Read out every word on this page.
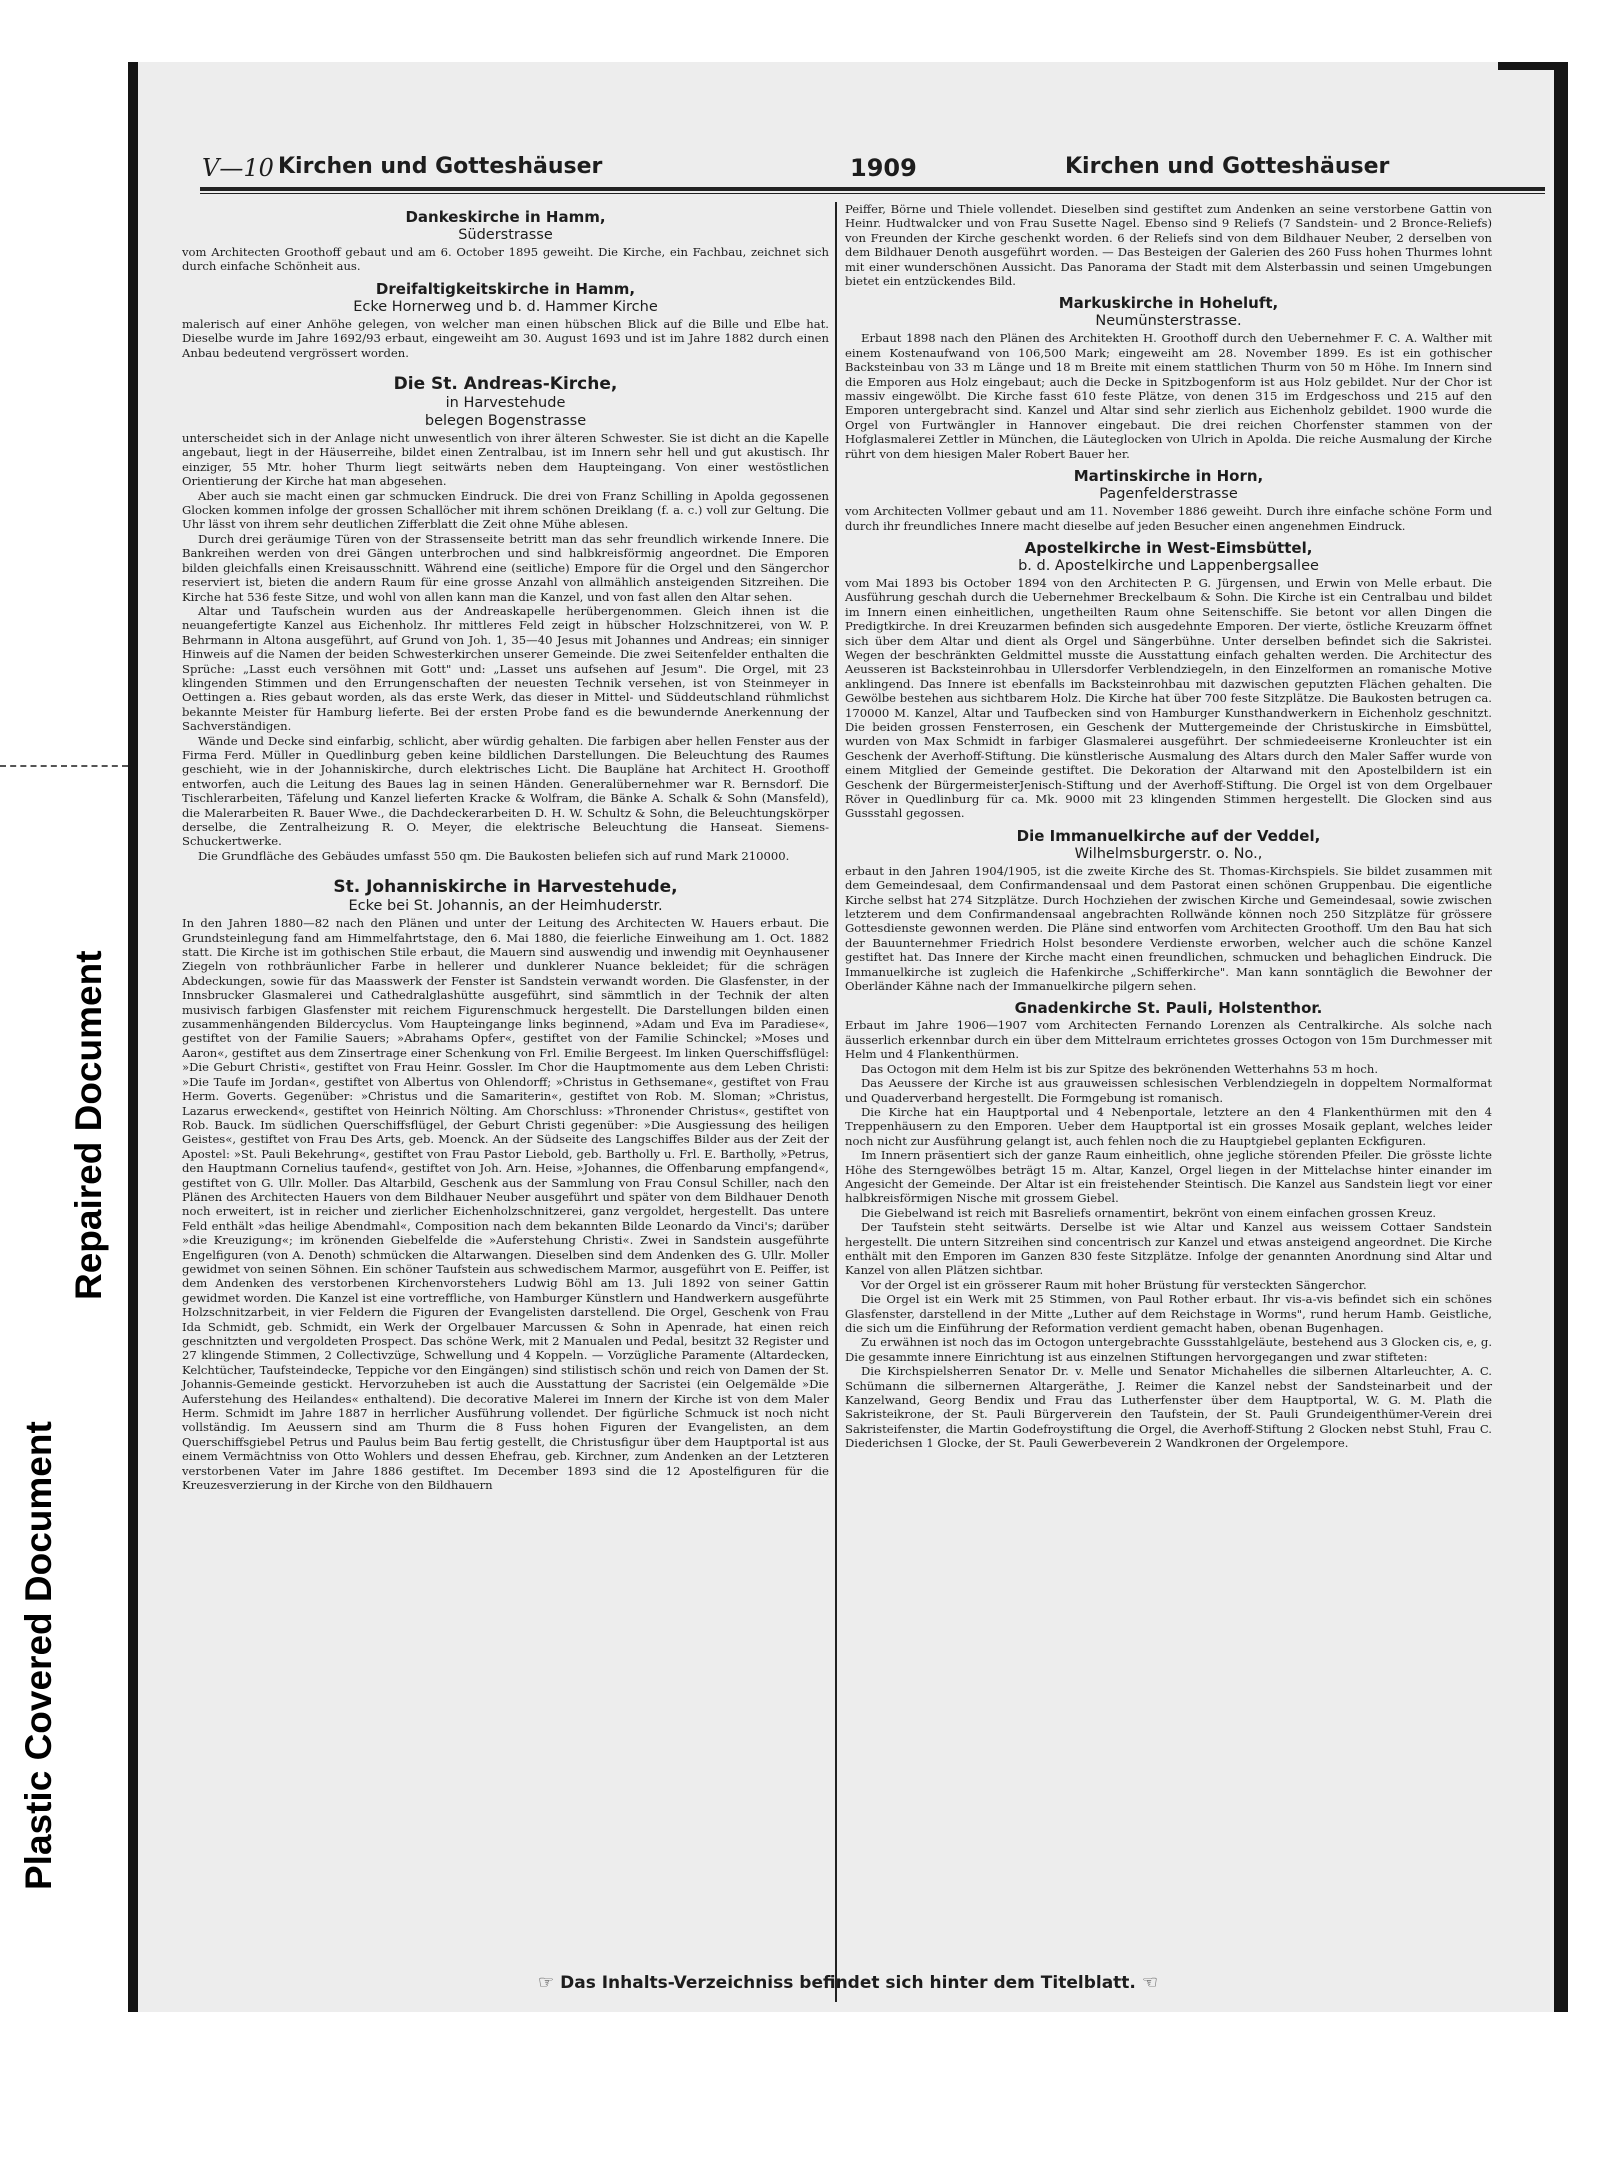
Plastic Covered Document
Repaired Document
V—10 Kirchen und Gotteshäuser	1909	Kirchen und Gotteshäuser
Dankeskirche in Hamm,
Süderstrasse

vom Architecten Groothoff gebaut und am 6. October 1895 geweiht. Die Kirche, ein Fachbau, zeichnet sich durch einfache Schönheit aus.

Dreifaltigkeitskirche in Hamm,
Ecke Hornerweg und b. d. Hammer Kirche

malerisch auf einer Anhöhe gelegen, von welcher man einen hübschen Blick auf die Bille und Elbe hat. Dieselbe wurde im Jahre 1692/93 erbaut, eingeweiht am 30. August 1693 und ist im Jahre 1882 durch einen Anbau bedeutend vergrössert worden.

Die St. Andreas-Kirche,
in Harvestehude
belegen Bogenstrasse

unterscheidet sich in der Anlage nicht unwesentlich von ihrer älteren Schwester. Sie ist dicht an die Kapelle angebaut, liegt in der Häuserreihe, bildet einen Zentralbau, ist im Innern sehr hell und gut akustisch. Ihr einziger, 55 Mtr. hoher Thurm liegt seitwärts neben dem Haupteingang. Von einer westöstlichen Orientierung der Kirche hat man abgesehen.

Aber auch sie macht einen gar schmucken Eindruck. Die drei von Franz Schilling in Apolda gegossenen Glocken kommen infolge der grossen Schallöcher mit ihrem schönen Dreiklang (f. a. c.) voll zur Geltung. Die Uhr lässt von ihrem sehr deutlichen Zifferblatt die Zeit ohne Mühe ablesen.

Durch drei geräumige Türen von der Strassenseite betritt man das sehr freundlich wirkende Innere. Die Bankreihen werden von drei Gängen unterbrochen und sind halbkreisförmig angeordnet. Die Emporen bilden gleichfalls einen Kreisausschnitt. Während eine (seitliche) Empore für die Orgel und den Sängerchor reserviert ist, bieten die andern Raum für eine grosse Anzahl von allmählich ansteigenden Sitzreihen. Die Kirche hat 536 feste Sitze, und wohl von allen kann man die Kanzel, und von fast allen den Altar sehen.

Altar und Taufschein wurden aus der Andreaskapelle herübergenommen. Gleich ihnen ist die neuangefertigte Kanzel aus Eichenholz. Ihr mittleres Feld zeigt in hübscher Holzschnitzerei, von W. P. Behrmann in Altona ausgeführt, auf Grund von Joh. 1, 35—40 Jesus mit Johannes und Andreas; ein sinniger Hinweis auf die Namen der beiden Schwesterkirchen unserer Gemeinde. Die zwei Seitenfelder enthalten die Sprüche: „Lasst euch versöhnen mit Gott" und: „Lasset uns aufsehen auf Jesum". Die Orgel, mit 23 klingenden Stimmen und den Errungenschaften der neuesten Technik versehen, ist von Steinmeyer in Oettingen a. Ries gebaut worden, als das erste Werk, das dieser in Mittel- und Süddeutschland rühmlichst bekannte Meister für Hamburg lieferte. Bei der ersten Probe fand es die bewundernde Anerkennung der Sachverständigen.

Wände und Decke sind einfarbig, schlicht, aber würdig gehalten. Die farbigen aber hellen Fenster aus der Firma Ferd. Müller in Quedlinburg geben keine bildlichen Darstellungen. Die Beleuchtung des Raumes geschieht, wie in der Johanniskirche, durch elektrisches Licht. Die Baupläne hat Architect H. Groothoff entworfen, auch die Leitung des Baues lag in seinen Händen. Generalübernehmer war R. Bernsdorf. Die Tischlerarbeiten, Täfelung und Kanzel lieferten Kracke & Wolfram, die Bänke A. Schalk & Sohn (Mansfeld), die Malerarbeiten R. Bauer Wwe., die Dachdeckerarbeiten D. H. W. Schultz & Sohn, die Beleuchtungskörper derselbe, die Zentralheizung R. O. Meyer, die elektrische Beleuchtung die Hanseat. Siemens-Schuckertwerke.

Die Grundfläche des Gebäudes umfasst 550 qm. Die Baukosten beliefen sich auf rund Mark 210000.

St. Johanniskirche in Harvestehude,
Ecke bei St. Johannis, an der Heimhuderstr.

In den Jahren 1880—82 nach den Plänen und unter der Leitung des Architecten W. Hauers erbaut. Die Grundsteinlegung fand am Himmelfahrtstage, den 6. Mai 1880, die feierliche Einweihung am 1. Oct. 1882 statt. Die Kirche ist im gothischen Stile erbaut, die Mauern sind auswendig und inwendig mit Oeynhausener Ziegeln von rothbräunlicher Farbe in hellerer und dunklerer Nuance bekleidet; für die schrägen Abdeckungen, sowie für das Maasswerk der Fenster ist Sandstein verwandt worden. Die Glasfenster, in der Innsbrucker Glasmalerei und Cathedralglashütte ausgeführt, sind sämmtlich in der Technik der alten musivisch farbigen Glasfenster mit reichem Figurenschmuck hergestellt. Die Darstellungen bilden einen zusammenhängenden Bildercyclus. Vom Haupteingange links beginnend, »Adam und Eva im Paradiese«, gestiftet von der Familie Sauers; »Abrahams Opfer«, gestiftet von der Familie Schinckel; »Moses und Aaron«, gestiftet aus dem Zinsertrage einer Schenkung von Frl. Emilie Bergeest. Im linken Querschiffsflügel: »Die Geburt Christi«, gestiftet von Frau Heinr. Gossler. Im Chor die Hauptmomente aus dem Leben Christi: »Die Taufe im Jordan«, gestiftet von Albertus von Ohlendorff; »Christus in Gethsemane«, gestiftet von Frau Herm. Goverts. Gegenüber: »Christus und die Samariterin«, gestiftet von Rob. M. Sloman; »Christus, Lazarus erweckend«, gestiftet von Heinrich Nölting. Am Chorschluss: »Thronender Christus«, gestiftet von Rob. Bauck. Im südlichen Querschiffsflügel, der Geburt Christi gegenüber: »Die Ausgiessung des heiligen Geistes«, gestiftet von Frau Des Arts, geb. Moenck. An der Südseite des Langschiffes Bilder aus der Zeit der Apostel: »St. Pauli Bekehrung«, gestiftet von Frau Pastor Liebold, geb. Bartholly u. Frl. E. Bartholly, »Petrus, den Hauptmann Cornelius taufend«, gestiftet von Joh. Arn. Heise, »Johannes, die Offenbarung empfangend«, gestiftet von G. Ullr. Moller. Das Altarbild, Geschenk aus der Sammlung von Frau Consul Schiller, nach den Plänen des Architecten Hauers von dem Bildhauer Neuber ausgeführt und später von dem Bildhauer Denoth noch erweitert, ist in reicher und zierlicher Eichenholzschnitzerei, ganz vergoldet, hergestellt. Das untere Feld enthält »das heilige Abendmahl«, Composition nach dem bekannten Bilde Leonardo da Vinci's; darüber »die Kreuzigung«; im krönenden Giebelfelde die »Auferstehung Christi«. Zwei in Sandstein ausgeführte Engelfiguren (von A. Denoth) schmücken die Altarwangen. Dieselben sind dem Andenken des G. Ullr. Moller gewidmet von seinen Söhnen. Ein schöner Taufstein aus schwedischem Marmor, ausgeführt von E. Peiffer, ist dem Andenken des verstorbenen Kirchenvorstehers Ludwig Böhl am 13. Juli 1892 von seiner Gattin gewidmet worden. Die Kanzel ist eine vortreffliche, von Hamburger Künstlern und Handwerkern ausgeführte Holzschnitzarbeit, in vier Feldern die Figuren der Evangelisten darstellend. Die Orgel, Geschenk von Frau Ida Schmidt, geb. Schmidt, ein Werk der Orgelbauer Marcussen & Sohn in Apenrade, hat einen reich geschnitzten und vergoldeten Prospect. Das schöne Werk, mit 2 Manualen und Pedal, besitzt 32 Register und 27 klingende Stimmen, 2 Collectivzüge, Schwellung und 4 Koppeln. — Vorzügliche Paramente (Altardecken, Kelchtücher, Taufsteindecke, Teppiche vor den Eingängen) sind stilistisch schön und reich von Damen der St. Johannis-Gemeinde gestickt. Hervorzuheben ist auch die Ausstattung der Sacristei (ein Oelgemälde »Die Auferstehung des Heilandes« enthaltend). Die decorative Malerei im Innern der Kirche ist von dem Maler Herm. Schmidt im Jahre 1887 in herrlicher Ausführung vollendet. Der figürliche Schmuck ist noch nicht vollständig. Im Aeussern sind am Thurm die 8 Fuss hohen Figuren der Evangelisten, an dem Querschiffsgiebel Petrus und Paulus beim Bau fertig gestellt, die Christusfigur über dem Hauptportal ist aus einem Vermächtniss von Otto Wohlers und dessen Ehefrau, geb. Kirchner, zum Andenken an der Letzteren verstorbenen Vater im Jahre 1886 gestiftet. Im December 1893 sind die 12 Apostelfiguren für die Kreuzesverzierung in der Kirche von den Bildhauern

Peiffer, Börne und Thiele vollendet. Dieselben sind gestiftet zum Andenken an seine verstorbene Gattin von Heinr. Hudtwalcker und von Frau Susette Nagel. Ebenso sind 9 Reliefs (7 Sandstein- und 2 Bronce-Reliefs) von Freunden der Kirche geschenkt worden. 6 der Reliefs sind von dem Bildhauer Neuber, 2 derselben von dem Bildhauer Denoth ausgeführt worden. — Das Besteigen der Galerien des 260 Fuss hohen Thurmes lohnt mit einer wunderschönen Aussicht. Das Panorama der Stadt mit dem Alsterbassin und seinen Umgebungen bietet ein entzückendes Bild.

Markuskirche in Hoheluft,
Neumünsterstrasse.

Erbaut 1898 nach den Plänen des Architekten H. Groothoff durch den Uebernehmer F. C. A. Walther mit einem Kostenaufwand von 106,500 Mark; eingeweiht am 28. November 1899. Es ist ein gothischer Backsteinbau von 33 m Länge und 18 m Breite mit einem stattlichen Thurm von 50 m Höhe. Im Innern sind die Emporen aus Holz eingebaut; auch die Decke in Spitzbogenform ist aus Holz gebildet. Nur der Chor ist massiv eingewölbt. Die Kirche fasst 610 feste Plätze, von denen 315 im Erdgeschoss und 215 auf den Emporen untergebracht sind. Kanzel und Altar sind sehr zierlich aus Eichenholz gebildet. 1900 wurde die Orgel von Furtwängler in Hannover eingebaut. Die drei reichen Chorfenster stammen von der Hofglasmalerei Zettler in München, die Läuteglocken von Ulrich in Apolda. Die reiche Ausmalung der Kirche rührt von dem hiesigen Maler Robert Bauer her.

Martinskirche in Horn,
Pagenfelderstrasse

vom Architecten Vollmer gebaut und am 11. November 1886 geweiht. Durch ihre einfache schöne Form und durch ihr freundliches Innere macht dieselbe auf jeden Besucher einen angenehmen Eindruck.

Apostelkirche in West-Eimsbüttel,
b. d. Apostelkirche und Lappenbergsallee

vom Mai 1893 bis October 1894 von den Architecten P. G. Jürgensen, und Erwin von Melle erbaut. Die Ausführung geschah durch die Uebernehmer Breckelbaum & Sohn. Die Kirche ist ein Centralbau und bildet im Innern einen einheitlichen, ungetheilten Raum ohne Seitenschiffe. Sie betont vor allen Dingen die Predigtkirche. In drei Kreuzarmen befinden sich ausgedehnte Emporen. Der vierte, östliche Kreuzarm öffnet sich über dem Altar und dient als Orgel und Sängerbühne. Unter derselben befindet sich die Sakristei. Wegen der beschränkten Geldmittel musste die Ausstattung einfach gehalten werden. Die Architectur des Aeusseren ist Backsteinrohbau in Ullersdorfer Verblendziegeln, in den Einzelformen an romanische Motive anklingend. Das Innere ist ebenfalls im Backsteinrohbau mit dazwischen geputzten Flächen gehalten. Die Gewölbe bestehen aus sichtbarem Holz. Die Kirche hat über 700 feste Sitzplätze. Die Baukosten betrugen ca. 170000 M. Kanzel, Altar und Taufbecken sind von Hamburger Kunsthandwerkern in Eichenholz geschnitzt. Die beiden grossen Fensterrosen, ein Geschenk der Muttergemeinde der Christuskirche in Eimsbüttel, wurden von Max Schmidt in farbiger Glasmalerei ausgeführt. Der schmiedeeiserne Kronleuchter ist ein Geschenk der Averhoff-Stiftung. Die künstlerische Ausmalung des Altars durch den Maler Saffer wurde von einem Mitglied der Gemeinde gestiftet. Die Dekoration der Altarwand mit den Apostelbildern ist ein Geschenk der BürgermeisterJenisch-Stiftung und der Averhoff-Stiftung. Die Orgel ist von dem Orgelbauer Röver in Quedlinburg für ca. Mk. 9000 mit 23 klingenden Stimmen hergestellt. Die Glocken sind aus Gussstahl gegossen.

Die Immanuelkirche auf der Veddel,
Wilhelmsburgerstr. o. No.,

erbaut in den Jahren 1904/1905, ist die zweite Kirche des St. Thomas-Kirchspiels. Sie bildet zusammen mit dem Gemeindesaal, dem Confirmandensaal und dem Pastorat einen schönen Gruppenbau. Die eigentliche Kirche selbst hat 274 Sitzplätze. Durch Hochziehen der zwischen Kirche und Gemeindesaal, sowie zwischen letzterem und dem Confirmandensaal angebrachten Rollwände können noch 250 Sitzplätze für grössere Gottesdienste gewonnen werden. Die Pläne sind entworfen vom Architecten Groothoff. Um den Bau hat sich der Bauunternehmer Friedrich Holst besondere Verdienste erworben, welcher auch die schöne Kanzel gestiftet hat. Das Innere der Kirche macht einen freundlichen, schmucken und behaglichen Eindruck. Die Immanuelkirche ist zugleich die Hafenkirche „Schifferkirche". Man kann sonntäglich die Bewohner der Oberländer Kähne nach der Immanuelkirche pilgern sehen.

Gnadenkirche St. Pauli, Holstenthor.

Erbaut im Jahre 1906—1907 vom Architecten Fernando Lorenzen als Centralkirche. Als solche nach äusserlich erkennbar durch ein über dem Mittelraum errichtetes grosses Octogon von 15m Durchmesser mit Helm und 4 Flankenthürmen.

Das Octogon mit dem Helm ist bis zur Spitze des bekrönenden Wetterhahns 53 m hoch.

Das Aeussere der Kirche ist aus grauweissen schlesischen Verblendziegeln in doppeltem Normalformat und Quaderverband hergestellt. Die Formgebung ist romanisch.

Die Kirche hat ein Hauptportal und 4 Nebenportale, letztere an den 4 Flankenthürmen mit den 4 Treppenhäusern zu den Emporen. Ueber dem Hauptportal ist ein grosses Mosaik geplant, welches leider noch nicht zur Ausführung gelangt ist, auch fehlen noch die zu Hauptgiebel geplanten Eckfiguren.

Im Innern präsentiert sich der ganze Raum einheitlich, ohne jegliche störenden Pfeiler. Die grösste lichte Höhe des Sterngewölbes beträgt 15 m. Altar, Kanzel, Orgel liegen in der Mittelachse hinter einander im Angesicht der Gemeinde. Der Altar ist ein freistehender Steintisch. Die Kanzel aus Sandstein liegt vor einer halbkreisförmigen Nische mit grossem Giebel.

Die Giebelwand ist reich mit Basreliefs ornamentirt, bekrönt von einem einfachen grossen Kreuz.

Der Taufstein steht seitwärts. Derselbe ist wie Altar und Kanzel aus weissem Cottaer Sandstein hergestellt. Die untern Sitzreihen sind concentrisch zur Kanzel und etwas ansteigend angeordnet. Die Kirche enthält mit den Emporen im Ganzen 830 feste Sitzplätze. Infolge der genannten Anordnung sind Altar und Kanzel von allen Plätzen sichtbar.

Vor der Orgel ist ein grösserer Raum mit hoher Brüstung für versteckten Sängerchor.

Die Orgel ist ein Werk mit 25 Stimmen, von Paul Rother erbaut. Ihr vis-a-vis befindet sich ein schönes Glasfenster, darstellend in der Mitte „Luther auf dem Reichstage in Worms", rund herum Hamb. Geistliche, die sich um die Einführung der Reformation verdient gemacht haben, obenan Bugenhagen.

Zu erwähnen ist noch das im Octogon untergebrachte Gussstahlgeläute, bestehend aus 3 Glocken cis, e, g. Die gesammte innere Einrichtung ist aus einzelnen Stiftungen hervorgegangen und zwar stifteten:

Die Kirchspielsherren Senator Dr. v. Melle und Senator Michahelles die silbernen Altarleuchter, A. C. Schümann die silbernernen Altargeräthe, J. Reimer die Kanzel nebst der Sandsteinarbeit und der Kanzelwand, Georg Bendix und Frau das Lutherfenster über dem Hauptportal, W. G. M. Plath die Sakristeikrone, der St. Pauli Bürgerverein den Taufstein, der St. Pauli Grundeigenthümer-Verein drei Sakristeifenster, die Martin Godefroystiftung die Orgel, die Averhoff-Stiftung 2 Glocken nebst Stuhl, Frau C. Diederichsen 1 Glocke, der St. Pauli Gewerbeverein 2 Wandkronen der Orgelempore.

☞ Das Inhalts-Verzeichniss befindet sich hinter dem Titelblatt. ☜
